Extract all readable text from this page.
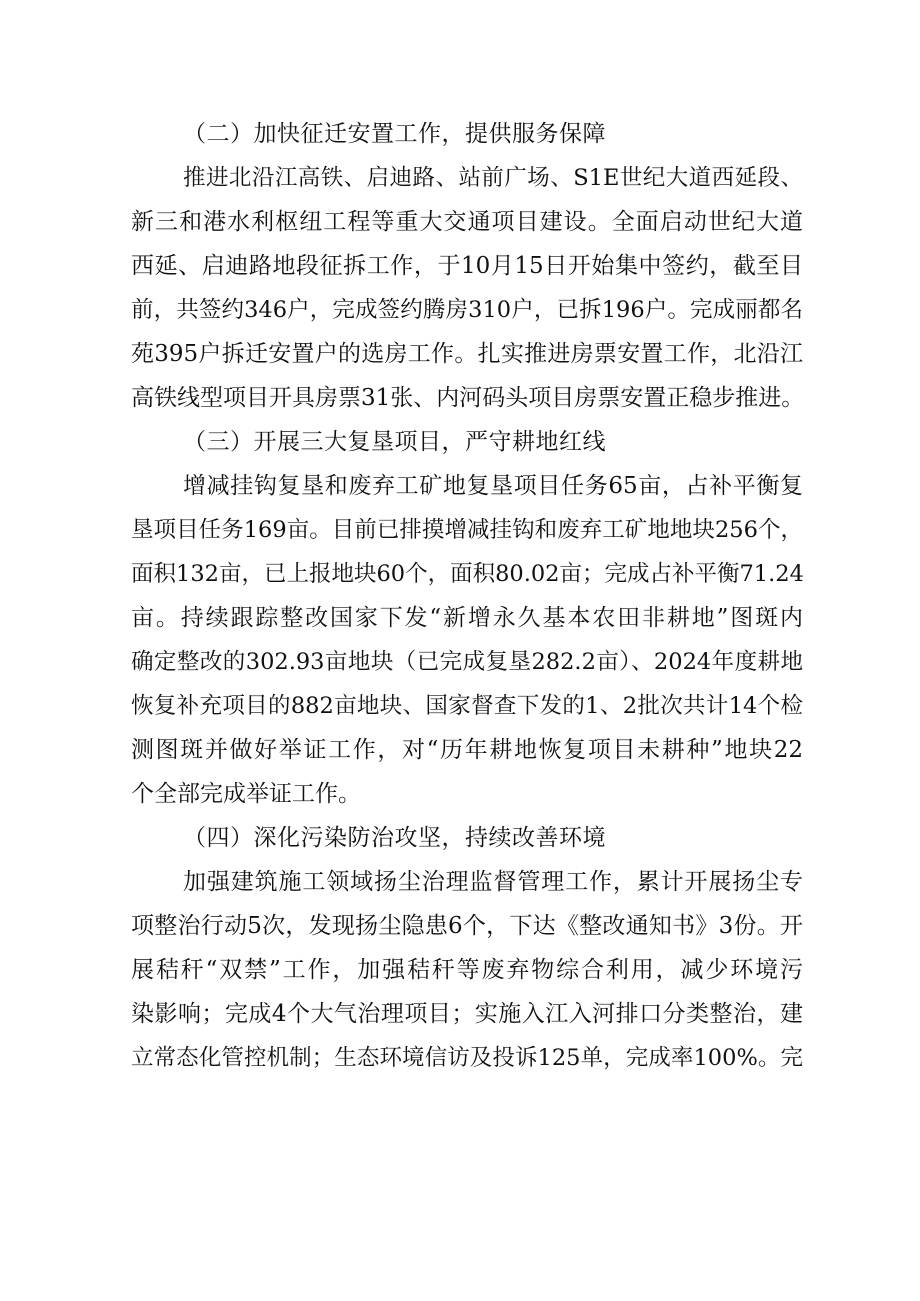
（二）加快征迁安置工作，提供服务保障
推进北沿江高铁、启迪路、站前广场、S1E世纪大道西延段、
新三和港水利枢纽工程等重大交通项目建设。全面启动世纪大道
西延、启迪路地段征拆工作，于10月15日开始集中签约，截至目
前，共签约346户，完成签约腾房310户，已拆196户。完成丽都名
苑395户拆迁安置户的选房工作。扎实推进房票安置工作，北沿江
高铁线型项目开具房票31张、内河码头项目房票安置正稳步推进。
（三）开展三大复垦项目，严守耕地红线
增减挂钩复垦和废弃工矿地复垦项目任务65亩，占补平衡复
垦项目任务169亩。目前已排摸增减挂钩和废弃工矿地地块256个，
面积132亩，已上报地块60个，面积80.02亩；完成占补平衡71.24
亩。持续跟踪整改国家下发“新增永久基本农田非耕地”图斑内
确定整改的302.93亩地块（已完成复垦282.2亩）、2024年度耕地
恢复补充项目的882亩地块、国家督查下发的1、2批次共计14个检
测图斑并做好举证工作，对“历年耕地恢复项目未耕种”地块22
个全部完成举证工作。
（四）深化污染防治攻坚，持续改善环境
加强建筑施工领域扬尘治理监督管理工作，累计开展扬尘专
项整治行动5次，发现扬尘隐患6个，下达《整改通知书》3份。开
展秸秆“双禁”工作，加强秸秆等废弃物综合利用，减少环境污
染影响；完成4个大气治理项目；实施入江入河排口分类整治，建
立常态化管控机制；生态环境信访及投诉125单，完成率100%。完
